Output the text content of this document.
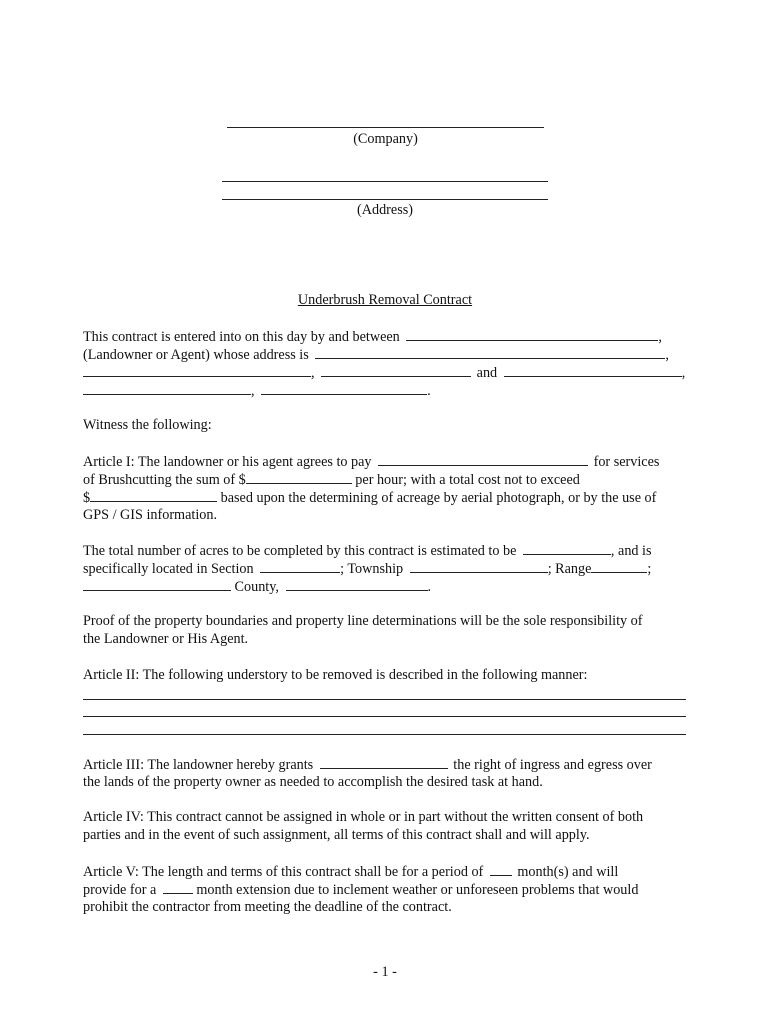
(Company)
(Address)
Underbrush Removal Contract
This contract is entered into on this day by and between	,
(Landowner or Agent) whose address is	,
,	and	,
,	.
Witness the following:
Article I: The landowner or his agent agrees to pay	for services
of Brushcutting the sum of $	per hour; with a total cost not to exceed
$	based upon the determining of acreage by aerial photograph, or by the use of
GPS / GIS information.
The total number of acres to be completed by this contract is estimated to be	, and is
specifically located in Section	; Township	; Range	;
County,	.
Proof of the property boundaries and property line determinations will be the sole responsibility of
the Landowner or His Agent.
Article II: The following understory to be removed is described in the following manner:
Article III: The landowner hereby grants	the right of ingress and egress over
the lands of the property owner as needed to accomplish the desired task at hand.
Article IV: This contract cannot be assigned in whole or in part without the written consent of both
parties and in the event of such assignment, all terms of this contract shall and will apply.
Article V: The length and terms of this contract shall be for a period of month(s) and will
provide for a	month extension due to inclement weather or unforeseen problems that would
prohibit the contractor from meeting the deadline of the contract.
- 1 -
